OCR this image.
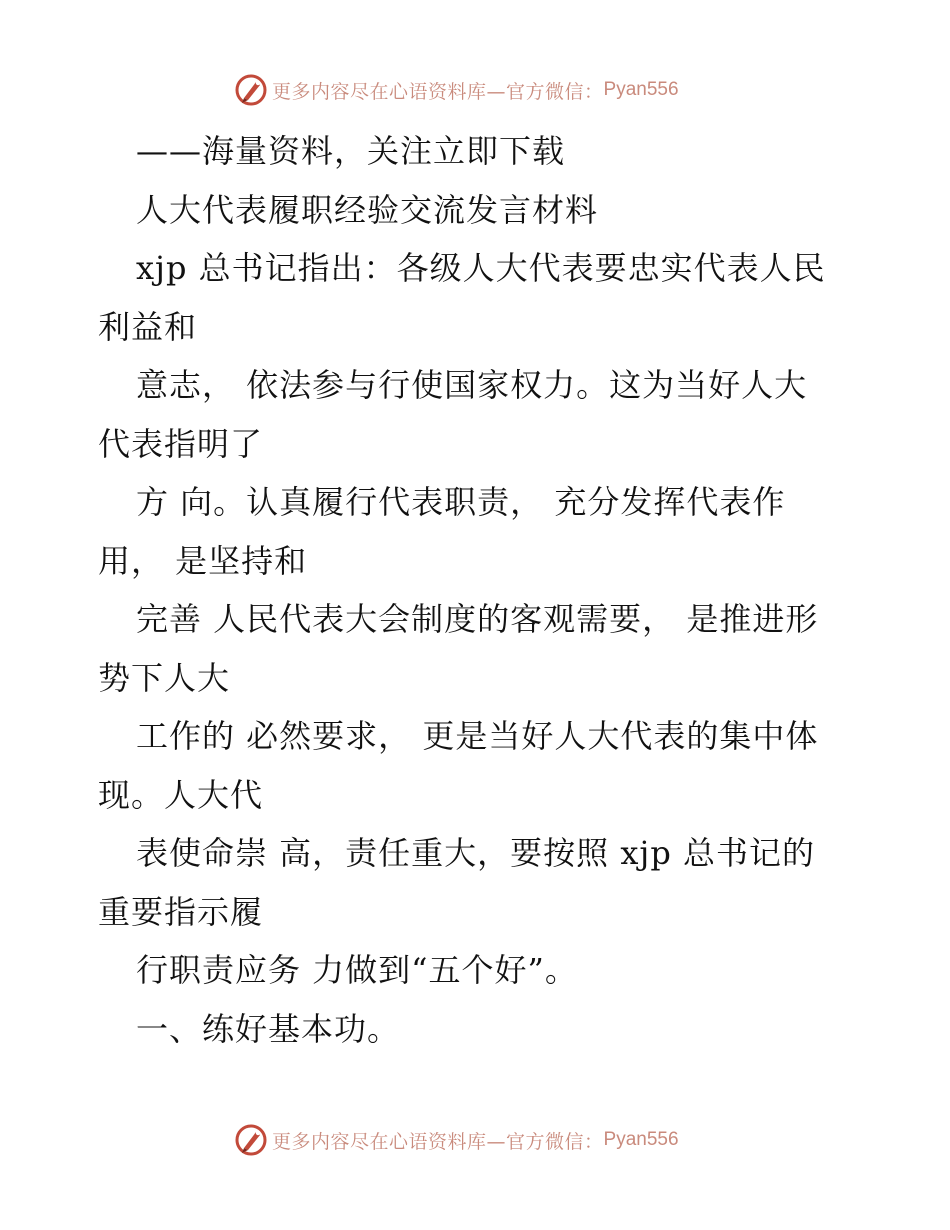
更多内容尽在心语资料库—官方微信： Pyan556
——海量资料，关注立即下载
人大代表履职经验交流发言材料
xjp 总书记指出：各级人大代表要忠实代表人民
利益和
意志， 依法参与行使国家权力。这为当好人大
代表指明了
方 向。认真履行代表职责， 充分发挥代表作
用， 是坚持和
完善 人民代表大会制度的客观需要， 是推进形
势下人大
工作的 必然要求， 更是当好人大代表的集中体
现。人大代
表使命崇 高，责任重大，要按照 xjp 总书记的
重要指示履
行职责应务 力做到“五个好”。
一、练好基本功。
更多内容尽在心语资料库—官方微信： Pyan556
